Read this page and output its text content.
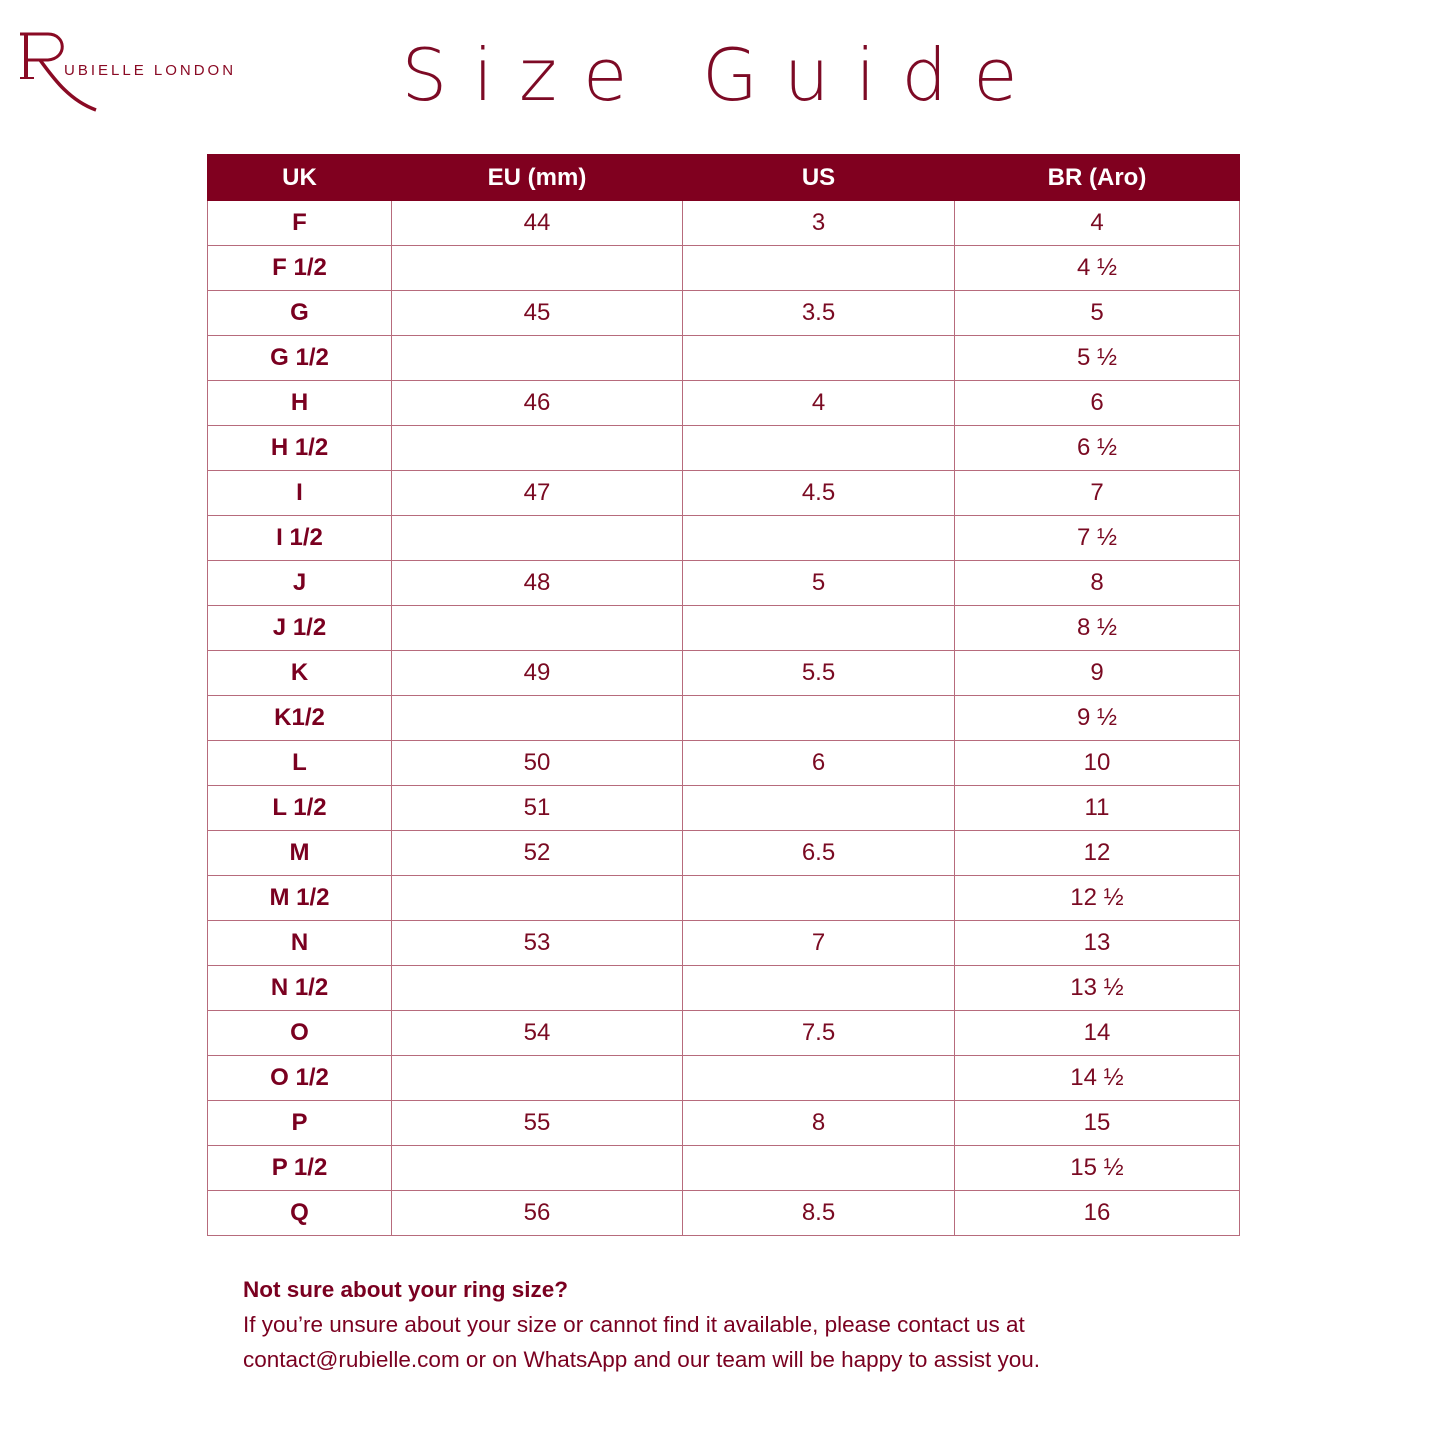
UBIELLE LONDON	Size Guide
UK	EU (mm)	US	BR (Aro)
F	44	3	4
F 1/2			4 ½
G	45	3.5	5
G 1/2			5 ½
H	46	4	6
H 1/2			6 ½
I	47	4.5	7
I 1/2			7 ½
J	48	5	8
J 1/2			8 ½
K	49	5.5	9
K1/2			9 ½
L	50	6	10
L 1/2	51		11
M	52	6.5	12
M 1/2			12 ½
N	53	7	13
N 1/2			13 ½
O	54	7.5	14
O 1/2			14 ½
P	55	8	15
P 1/2			15 ½
Q	56	8.5	16
Not sure about your ring size?
If you’re unsure about your size or cannot find it available, please contact us at
contact@rubielle.com or on WhatsApp and our team will be happy to assist you.
